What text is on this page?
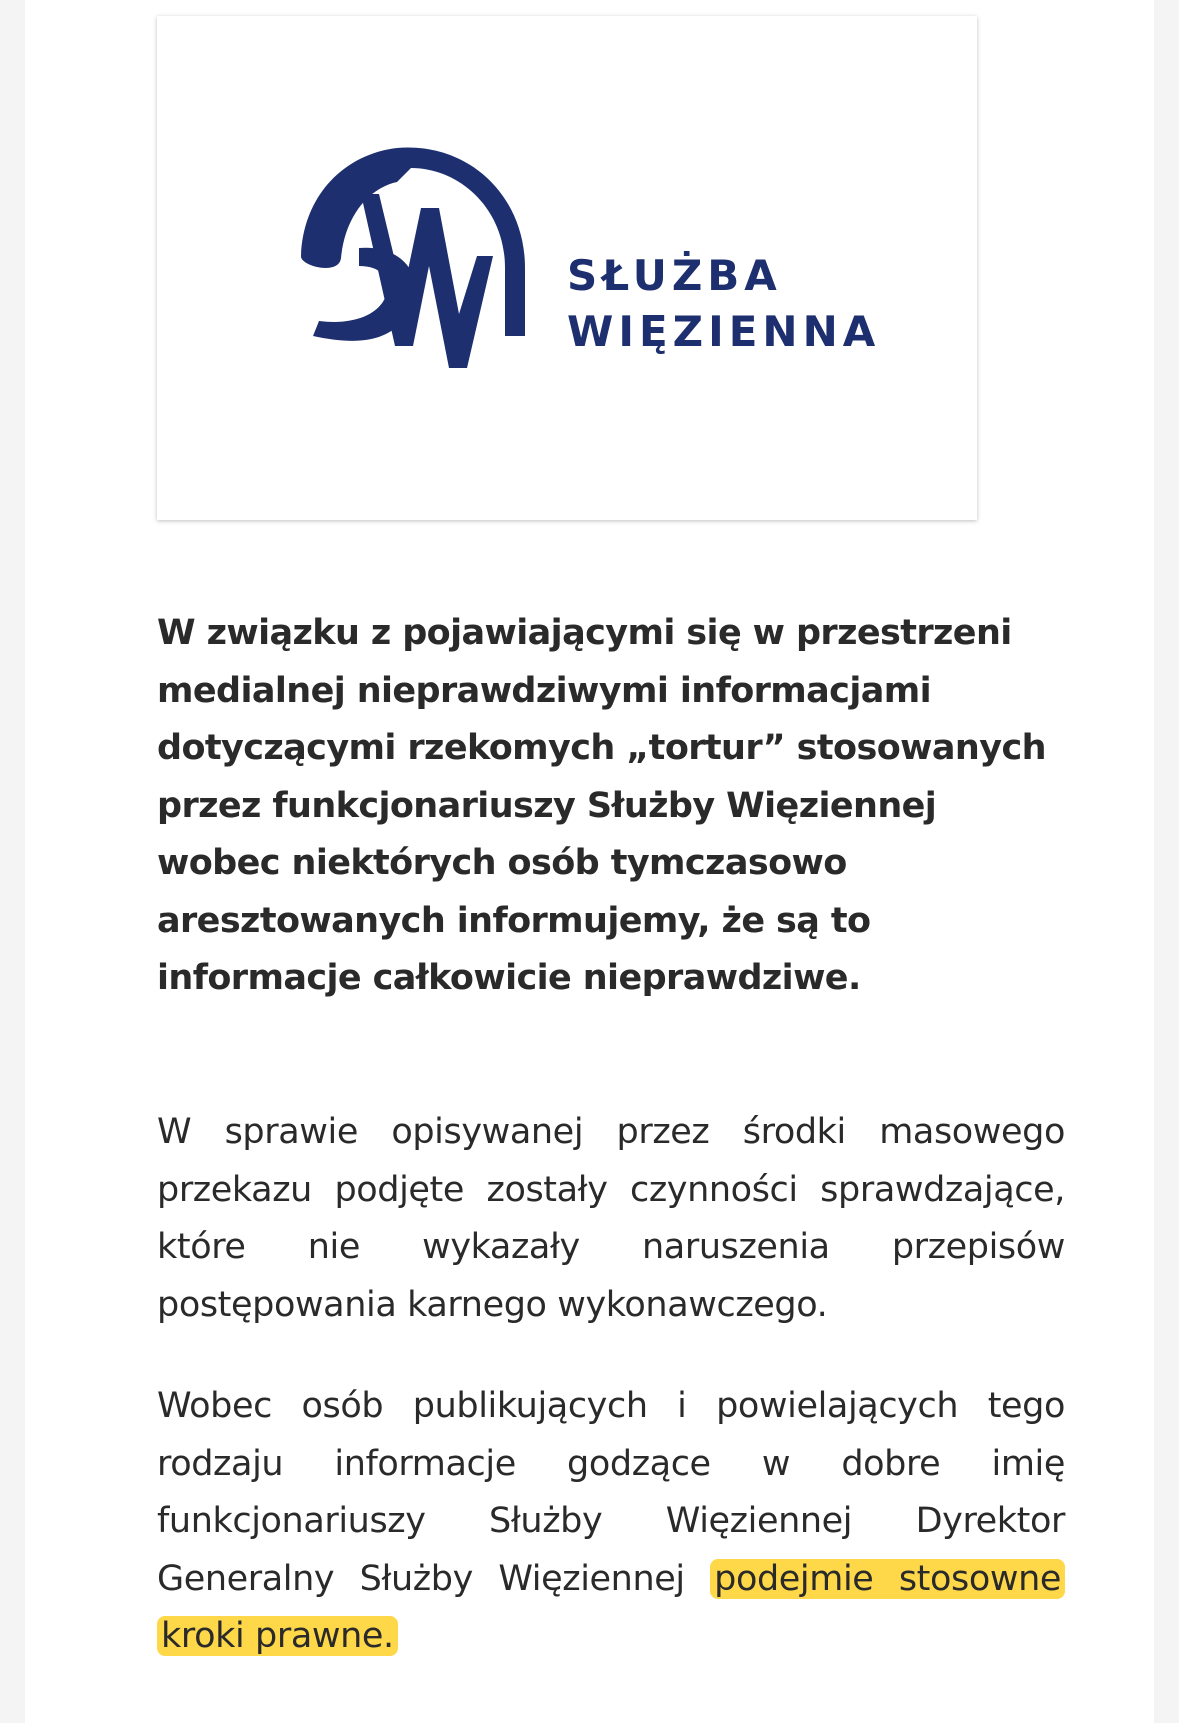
SŁUŻBA
WIĘZIENNA
W związku z pojawiającymi się w przestrzeni medialnej nieprawdziwymi informacjami dotyczącymi rzekomych „tortur” stosowanych przez funkcjonariuszy Służby Więziennej wobec niektórych osób tymczasowo aresztowanych informujemy, że są to informacje całkowicie nieprawdziwe.
W sprawie opisywanej przez środki masowego przekazu podjęte zostały czynności sprawdzające, które nie wykazały naruszenia przepisów postępowania karnego wykonawczego.
Wobec osób publikujących i powielających tego rodzaju informacje godzące w dobre imię funkcjonariuszy Służby Więziennej Dyrektor Generalny Służby Więziennej podejmie stosowne kroki prawne.
